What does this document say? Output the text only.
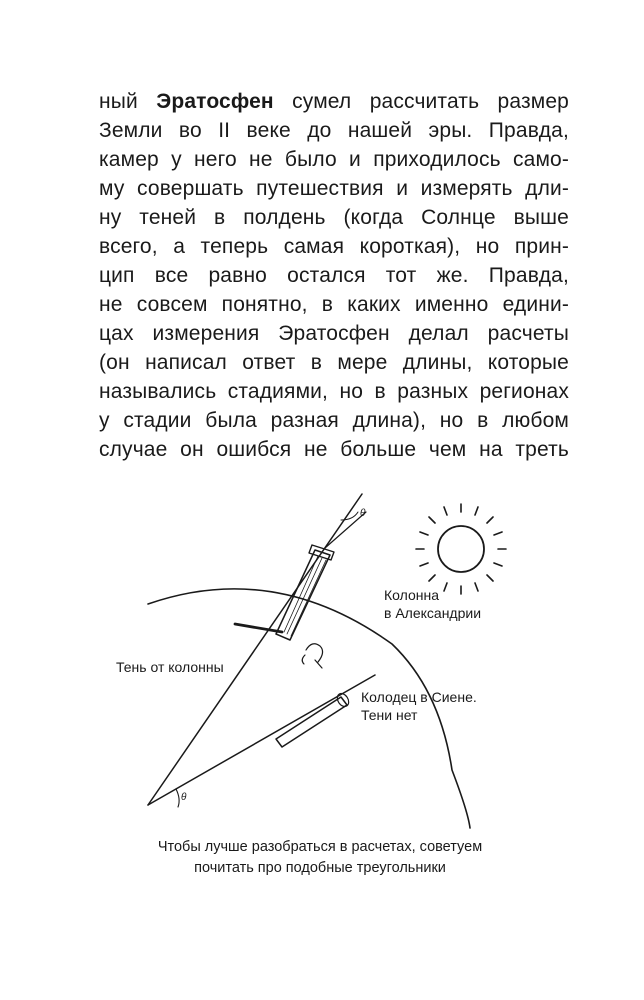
ный Эратосфен сумел рассчитать размер
Земли во II веке до нашей эры. Правда,
камер у него не было и приходилось само-
му совершать путешествия и измерять дли-
ну теней в полдень (когда Солнце выше
всего, а теперь самая короткая), но прин-
цип все равно остался тот же. Правда,
не совсем понятно, в каких именно едини-
цах измерения Эратосфен делал расчеты
(он написал ответ в мере длины, которые
назывались стадиями, но в разных регионах
у стадии была разная длина), но в любом
случае он ошибся не больше чем на треть
Колонна
в Александрии
Тень от колонны
Колодец в Сиене.
Тени нет
θ
θ
Чтобы лучше разобраться в расчетах, советуем
почитать про подобные треугольники
